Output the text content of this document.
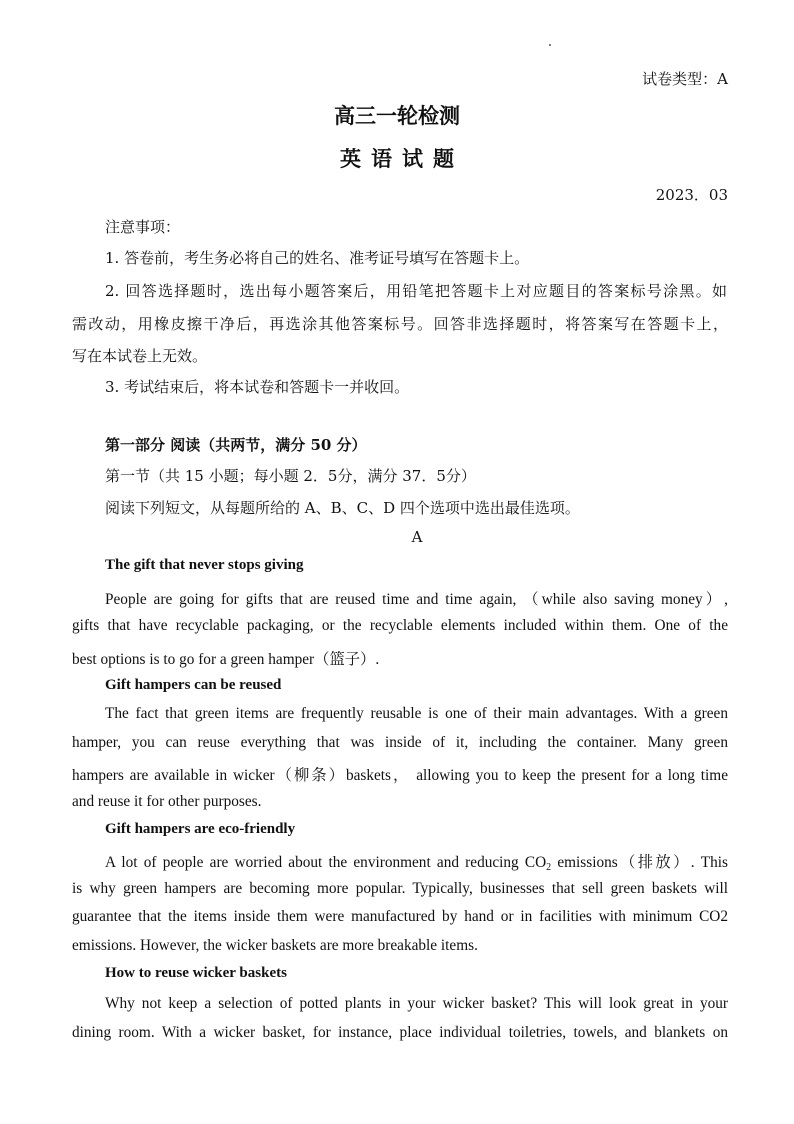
试卷类型：A
高三一轮检测
英语试题
2023．03
注意事项：
1. 答卷前，考生务必将自己的姓名、准考证号填写在答题卡上。
2. 回答选择题时，选出每小题答案后，用铅笔把答题卡上对应题目的答案标号涂黑。如
需改动，用橡皮擦干净后，再选涂其他答案标号。回答非选择题时，将答案写在答题卡上，
写在本试卷上无效。
3. 考试结束后，将本试卷和答题卡一并收回。
第一部分 阅读（共两节，满分 50 分）
第一节（共 15 小题；每小题 2．5分，满分 37．5分）
阅读下列短文，从每题所给的 A、B、C、D 四个选项中选出最佳选项。
A
The gift that never stops giving
People are going for gifts that are reused time and time again, （while also saving money）,
gifts that have recyclable packaging, or the recyclable elements included within them. One of the
best options is to go for a green hamper（篮子）.
Gift hampers can be reused
The fact that green items are frequently reusable is one of their main advantages. With a green
hamper, you can reuse everything that was inside of it, including the container. Many green
hampers are available in wicker（柳条）baskets， allowing you to keep the present for a long time
and reuse it for other purposes.
Gift hampers are eco-friendly
A lot of people are worried about the environment and reducing $CO_2$ emissions（排放）. This
is why green hampers are becoming more popular. Typically, businesses that sell green baskets will
guarantee that the items inside them were manufactured by hand or in facilities with minimum CO2
emissions. However, the wicker baskets are more breakable items.
How to reuse wicker baskets
Why not keep a selection of potted plants in your wicker basket? This will look great in your
dining room. With a wicker basket, for instance, place individual toiletries, towels, and blankets on
